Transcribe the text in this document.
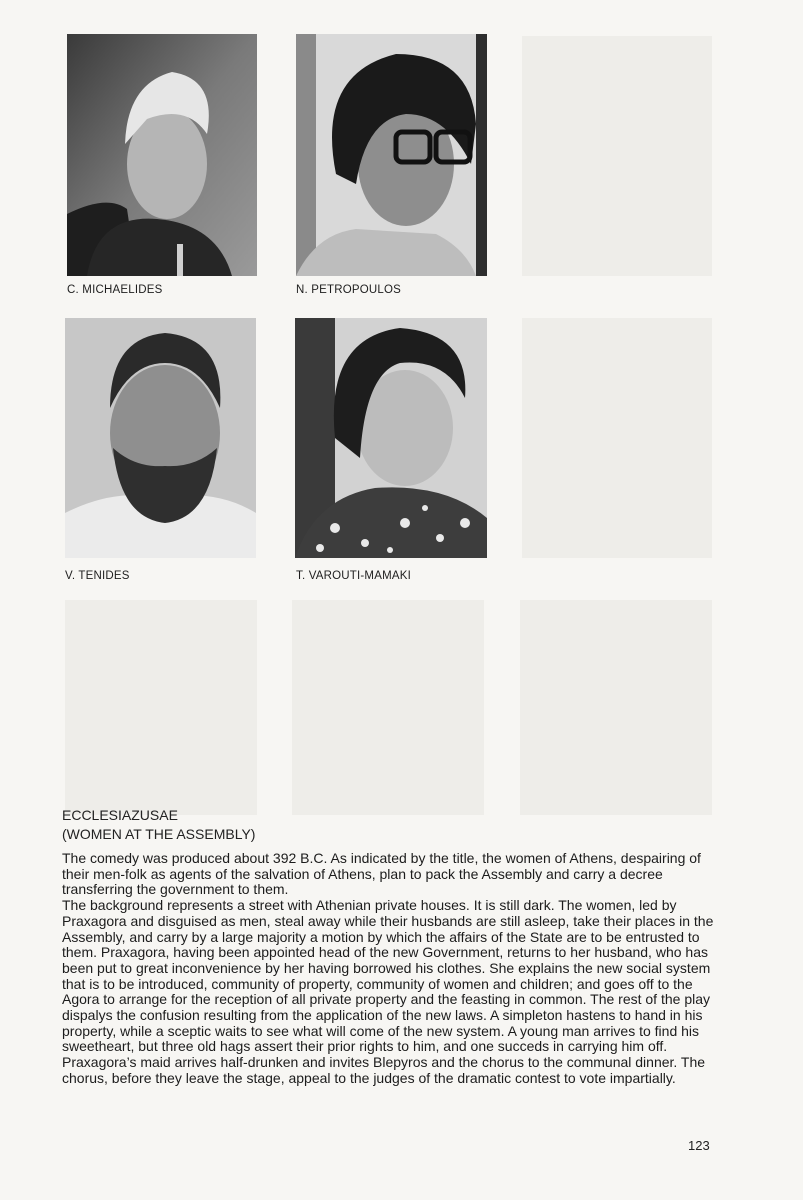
C. MICHAELIDES	N. PETROPOULOS
V. TENIDES	T. VAROUTI-MAMAKI
ECCLESIAZUSAE
(WOMEN AT THE ASSEMBLY)

The comedy was produced about 392 B.C. As indicated by the title, the women of Athens, despairing of their men-folk as agents of the salvation of Athens, plan to pack the Assembly and carry a decree transferring the government to them.

The background represents a street with Athenian private houses. It is still dark. The women, led by Praxagora and disguised as men, steal away while their husbands are still asleep, take their places in the Assembly, and carry by a large majority a motion by which the affairs of the State are to be entrusted to them. Praxagora, having been appointed head of the new Government, returns to her husband, who has been put to great inconvenience by her having borrowed his clothes. She explains the new social system that is to be introduced, community of property, community of women and children; and goes off to the Agora to arrange for the reception of all private property and the feasting in common. The rest of the play dispalys the confusion resulting from the application of the new laws. A simpleton hastens to hand in his property, while a sceptic waits to see what will come of the new system. A young man arrives to find his sweetheart, but three old hags assert their prior rights to him, and one succeds in carrying him off. Praxagora’s maid arrives half-drunken and invites Blepyros and the chorus to the communal dinner. The chorus, before they leave the stage, appeal to the judges of the dramatic contest to vote impartially.

123
